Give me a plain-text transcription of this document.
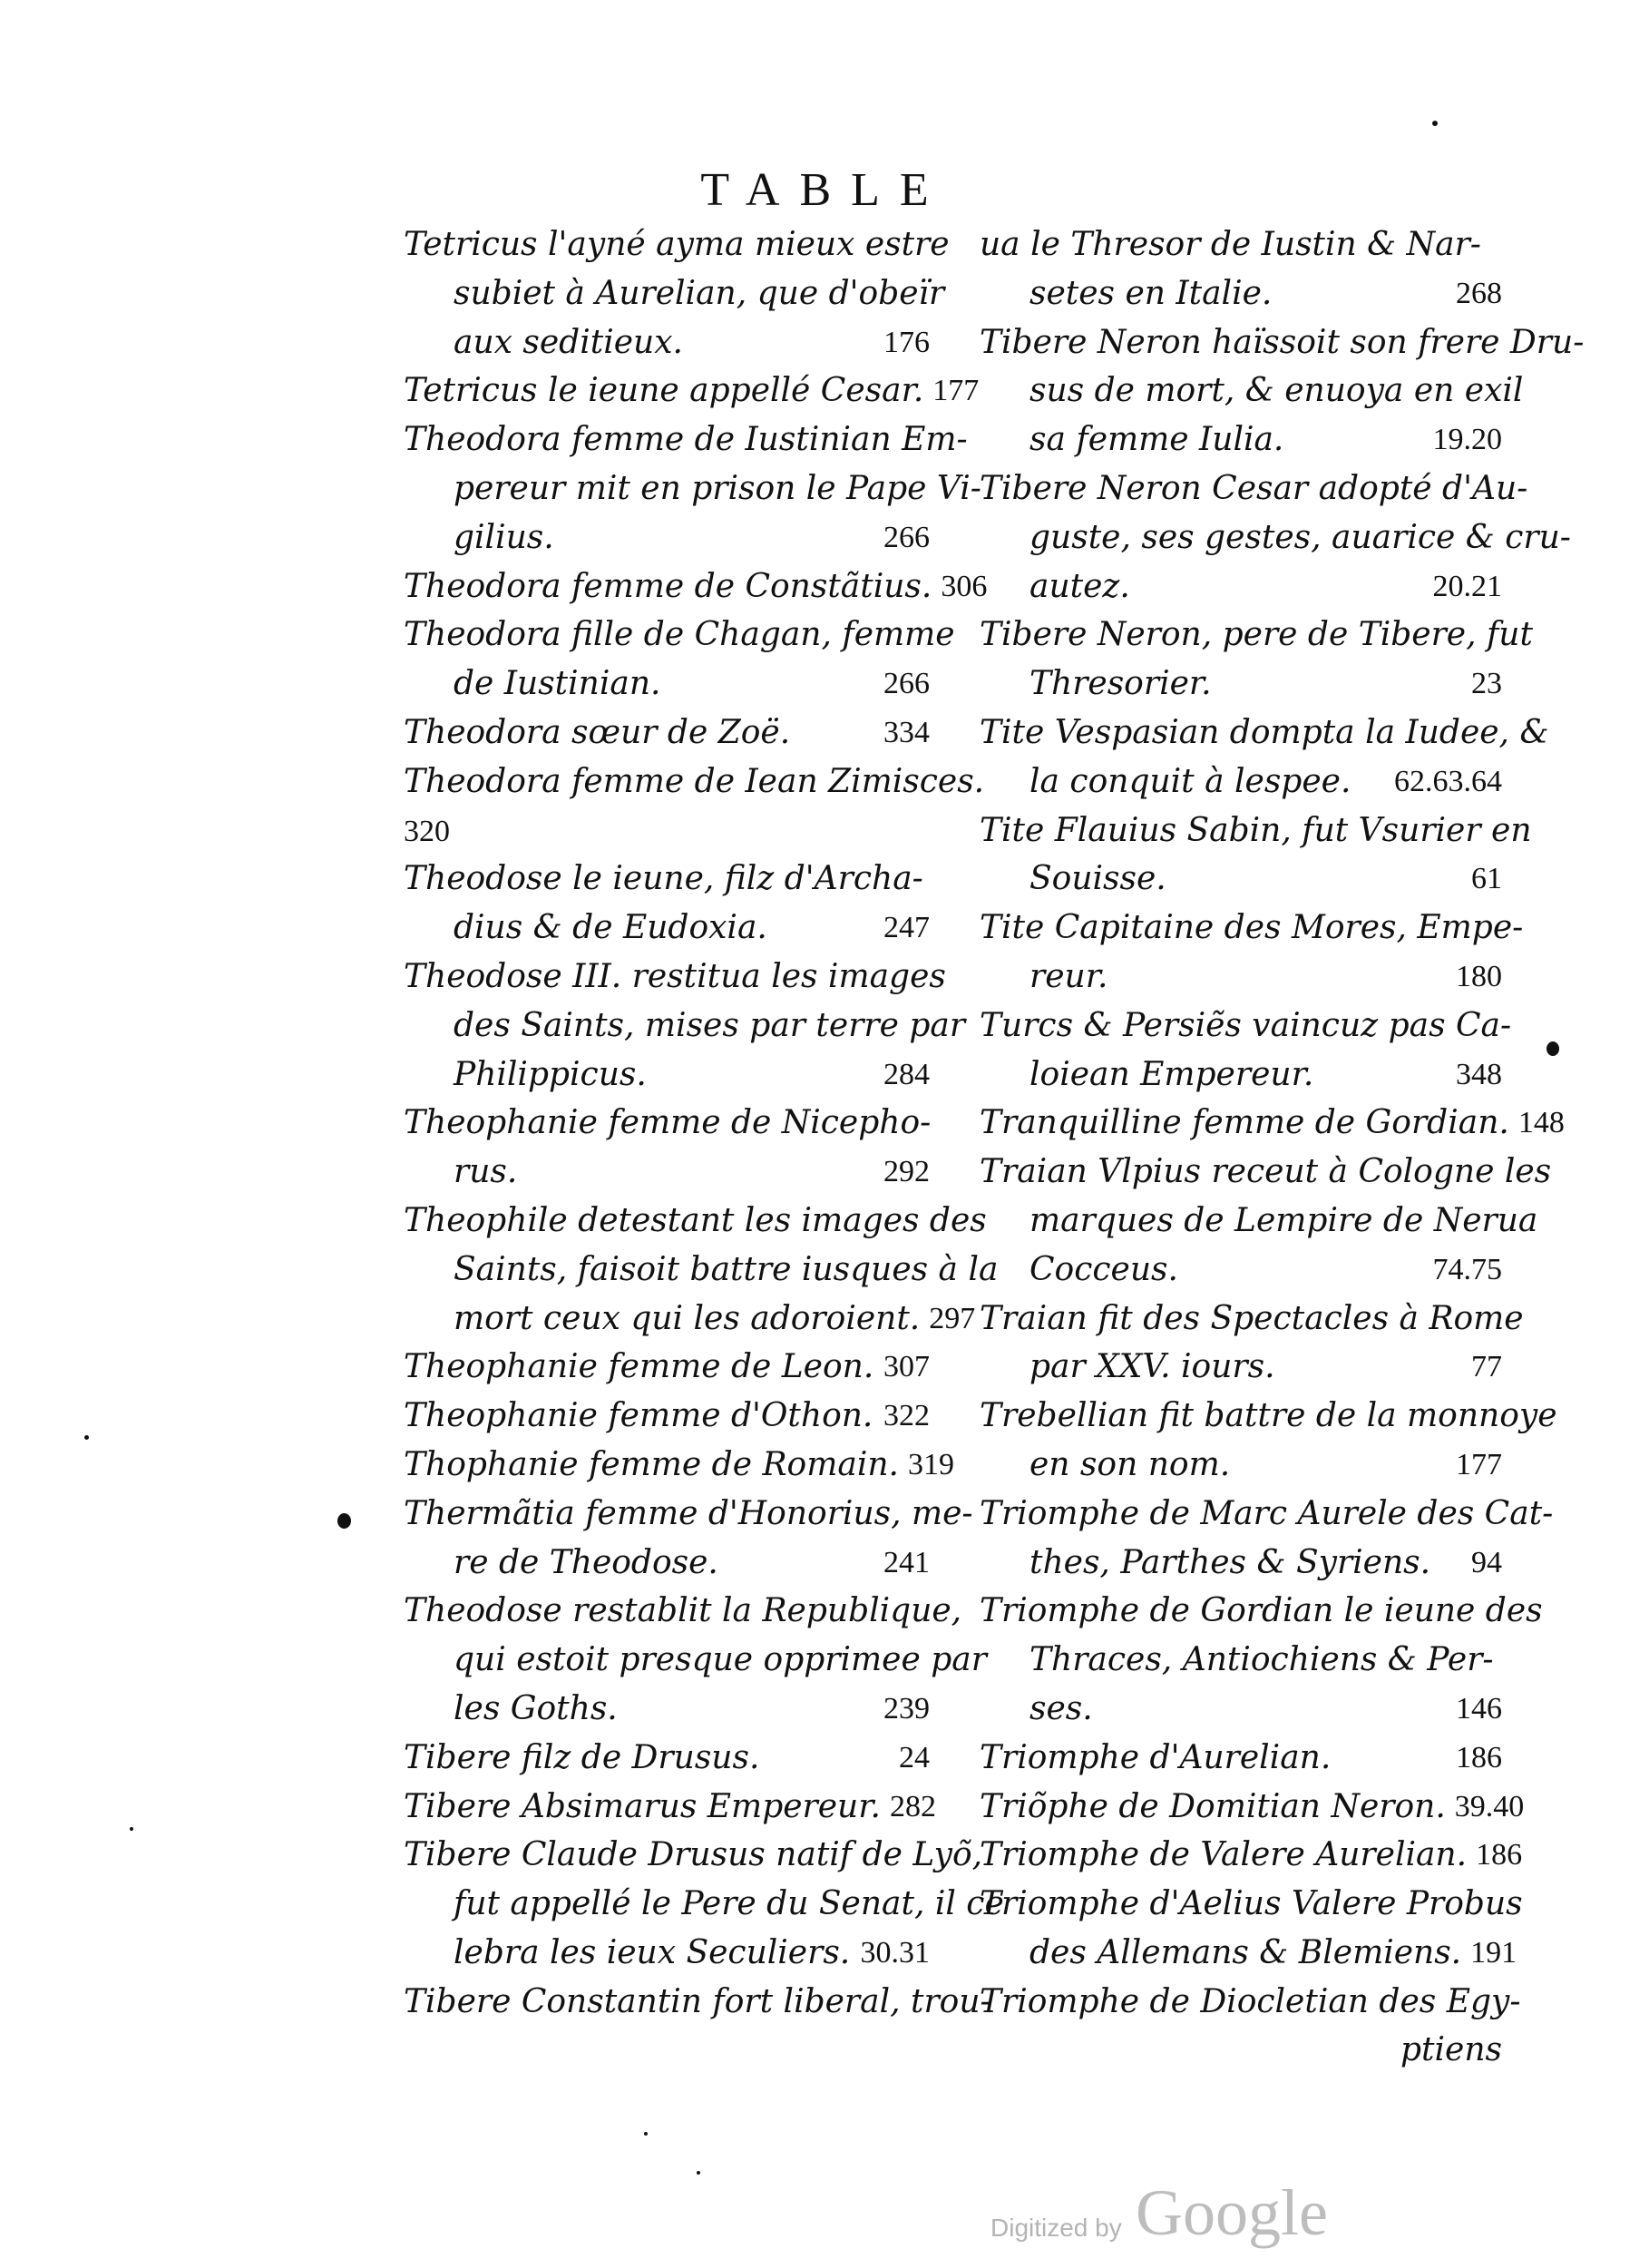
TABLE
Tetricus l'ayné ayma mieux estre
subiet à Aurelian, que d'obeïr
aux seditieux.	176
Tetricus le ieune appellé Cesar. 177
Theodora femme de Iustinian Em-
pereur mit en prison le Pape Vi-
gilius.	266
Theodora femme de Constãtius. 306
Theodora fille de Chagan, femme
de Iustinian.	266
Theodora sœur de Zoë.	334
Theodora femme de Iean Zimisces.
320
Theodose le ieune, filz d'Archa-
dius & de Eudoxia.	247
Theodose III. restitua les images
des Saints, mises par terre par
Philippicus.	284
Theophanie femme de Nicepho-
rus.	292
Theophile detestant les images des
Saints, faisoit battre iusques à la
mort ceux qui les adoroient. 297
Theophanie femme de Leon. 307
Theophanie femme d'Othon. 322
Thophanie femme de Romain. 319
Thermãtia femme d'Honorius, me-
re de Theodose.	241
Theodose restablit la Republique,
qui estoit presque opprimee par
les Goths.	239
Tibere filz de Drusus.	24
Tibere Absimarus Empereur. 282
Tibere Claude Drusus natif de Lyõ,
fut appellé le Pere du Senat, il ce
lebra les ieux Seculiers. 30.31
Tibere Constantin fort liberal, trou-
ua le Thresor de Iustin & Nar-
setes en Italie.	268
Tibere Neron haïssoit son frere Dru-
sus de mort, & enuoya en exil
sa femme Iulia.	19.20
Tibere Neron Cesar adopté d'Au-
guste, ses gestes, auarice & cru-
autez.	20.21
Tibere Neron, pere de Tibere, fut
Thresorier.	23
Tite Vespasian dompta la Iudee, &
la conquit à lespee. 62.63.64
Tite Flauius Sabin, fut Vsurier en
Souisse.	61
Tite Capitaine des Mores, Empe-
reur.	180
Turcs & Persiẽs vaincuz pas Ca-
loiean Empereur.	348
Tranquilline femme de Gordian. 148
Traian Vlpius receut à Cologne les
marques de Lempire de Nerua
Cocceus.	74.75
Traian fit des Spectacles à Rome
par XXV. iours.	77
Trebellian fit battre de la monnoye
en son nom.	177
Triomphe de Marc Aurele des Cat-
thes, Parthes & Syriens. 94
Triomphe de Gordian le ieune des
Thraces, Antiochiens & Per-
ses.	146
Triomphe d'Aurelian.	186
Triõphe de Domitian Neron. 39.40
Triomphe de Valere Aurelian. 186
Triomphe d'Aelius Valere Probus
des Allemans & Blemiens. 191
Triomphe de Diocletian des Egy-
ptiens
Digitized by Google
